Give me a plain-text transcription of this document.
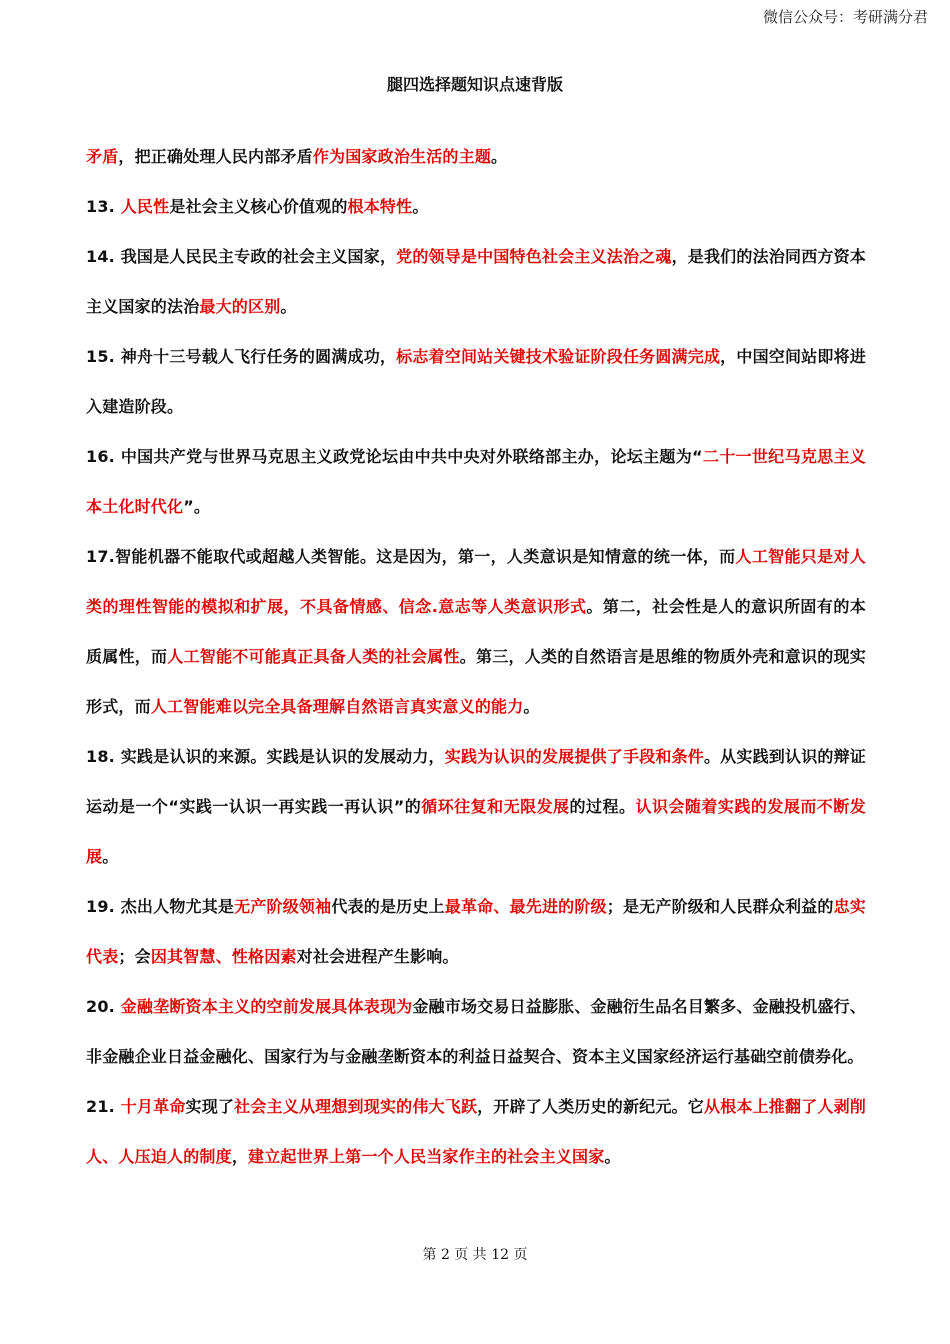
微信公众号：考研满分君
腿四选择题知识点速背版

矛盾，把正确处理人民内部矛盾作为国家政治生活的主题。

13. 人民性是社会主义核心价值观的根本特性。

14. 我国是人民民主专政的社会主义国家，党的领导是中国特色社会主义法治之魂，是我们的法治同西方资本主义国家的法治最大的区别。

15. 神舟十三号载人飞行任务的圆满成功，标志着空间站关键技术验证阶段任务圆满完成，中国空间站即将进入建造阶段。

16. 中国共产党与世界马克思主义政党论坛由中共中央对外联络部主办，论坛主题为“二十一世纪马克思主义本土化时代化”。

17.智能机器不能取代或超越人类智能。这是因为，第一，人类意识是知情意的统一体，而人工智能只是对人类的理性智能的模拟和扩展，不具备情感、信念.意志等人类意识形式。第二，社会性是人的意识所固有的本质属性，而人工智能不可能真正具备人类的社会属性。第三，人类的自然语言是思维的物质外壳和意识的现实形式，而人工智能难以完全具备理解自然语言真实意义的能力。

18. 实践是认识的来源。实践是认识的发展动力，实践为认识的发展提供了手段和条件。从实践到认识的辩证运动是一个“实践一认识一再实践一再认识”的循环往复和无限发展的过程。认识会随着实践的发展而不断发展。

19. 杰出人物尤其是无产阶级领袖代表的是历史上最革命、最先进的阶级；是无产阶级和人民群众利益的忠实代表；会因其智慧、性格因素对社会进程产生影响。

20. 金融垄断资本主义的空前发展具体表现为金融市场交易日益膨胀、金融衍生品名目繁多、金融投机盛行、非金融企业日益金融化、国家行为与金融垄断资本的利益日益契合、资本主义国家经济运行基础空前债券化。

21. 十月革命实现了社会主义从理想到现实的伟大飞跃，开辟了人类历史的新纪元。它从根本上推翻了人剥削人、人压迫人的制度，建立起世界上第一个人民当家作主的社会主义国家。

第 2 页 共 12 页
